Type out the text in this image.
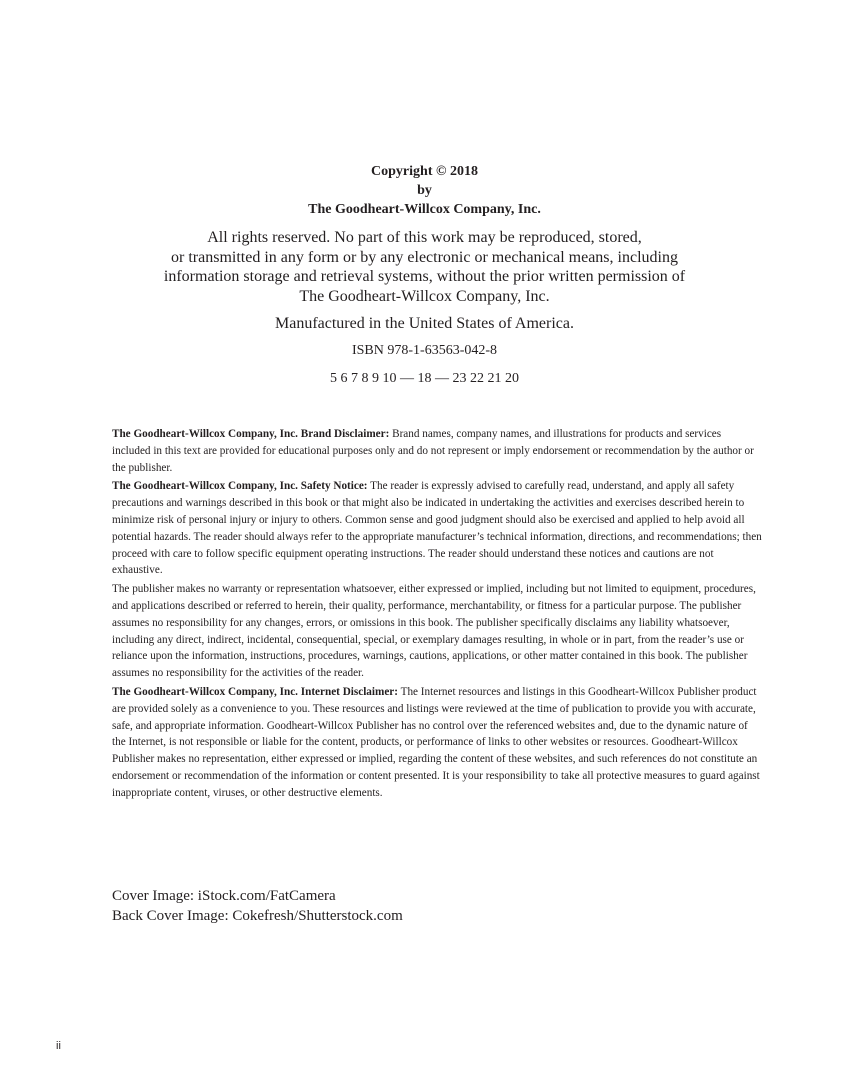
Copyright © 2018
by
The Goodheart-Willcox Company, Inc.
All rights reserved. No part of this work may be reproduced, stored,
or transmitted in any form or by any electronic or mechanical means, including
information storage and retrieval systems, without the prior written permission of
The Goodheart-Willcox Company, Inc.
Manufactured in the United States of America.
ISBN 978-1-63563-042-8
5 6 7 8 9 10 — 18 — 23 22 21 20

The Goodheart-Willcox Company, Inc. Brand Disclaimer: Brand names, company names, and illustrations for products and services included in this text are provided for educational purposes only and do not represent or imply endorsement or recommendation by the author or the publisher.

The Goodheart-Willcox Company, Inc. Safety Notice: The reader is expressly advised to carefully read, understand, and apply all safety precautions and warnings described in this book or that might also be indicated in undertaking the activities and exercises described herein to minimize risk of personal injury or injury to others. Common sense and good judgment should also be exercised and applied to help avoid all potential hazards. The reader should always refer to the appropriate manufacturer’s technical information, directions, and recommendations; then proceed with care to follow specific equipment operating instructions. The reader should understand these notices and cautions are not exhaustive.

The publisher makes no warranty or representation whatsoever, either expressed or implied, including but not limited to equipment, procedures, and applications described or referred to herein, their quality, performance, merchantability, or fitness for a particular purpose. The publisher assumes no responsibility for any changes, errors, or omissions in this book. The publisher specifically disclaims any liability whatsoever, including any direct, indirect, incidental, consequential, special, or exemplary damages resulting, in whole or in part, from the reader’s use or reliance upon the information, instructions, procedures, warnings, cautions, applications, or other matter contained in this book. The publisher assumes no responsibility for the activities of the reader.

The Goodheart-Willcox Company, Inc. Internet Disclaimer: The Internet resources and listings in this Goodheart-Willcox Publisher product are provided solely as a convenience to you. These resources and listings were reviewed at the time of publication to provide you with accurate, safe, and appropriate information. Goodheart-Willcox Publisher has no control over the referenced websites and, due to the dynamic nature of the Internet, is not responsible or liable for the content, products, or performance of links to other websites or resources. Goodheart-Willcox Publisher makes no representation, either expressed or implied, regarding the content of these websites, and such references do not constitute an endorsement or recommendation of the information or content presented. It is your responsibility to take all protective measures to guard against inappropriate content, viruses, or other destructive elements.

Cover Image: iStock.com/FatCamera
Back Cover Image: Cokefresh/Shutterstock.com
ii
